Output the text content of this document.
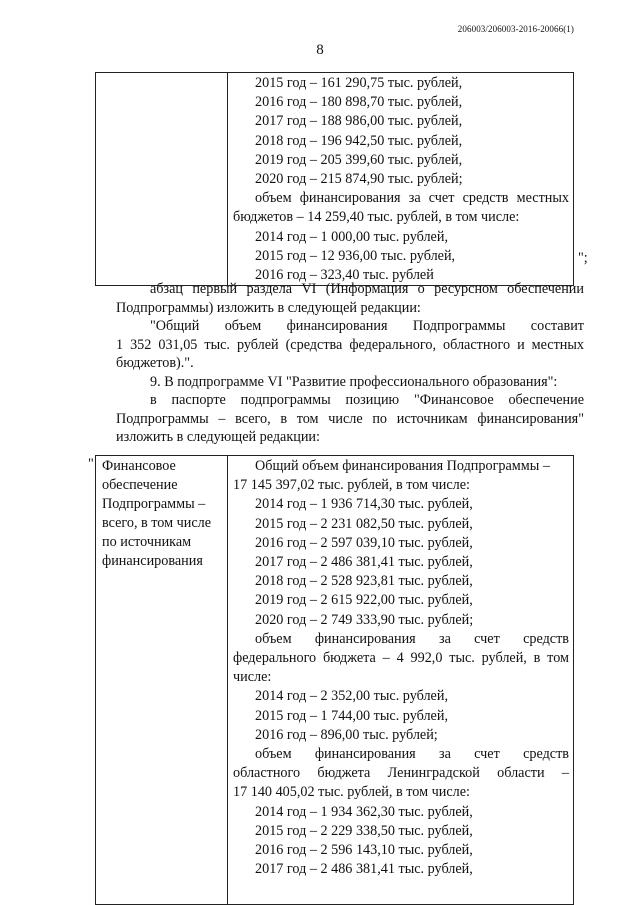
206003/206003-2016-20066(1)
8

2015 год – 161 290,75 тыс. рублей,
2016 год – 180 898,70 тыс. рублей,
2017 год – 188 986,00 тыс. рублей,
2018 год – 196 942,50 тыс. рублей,
2019 год – 205 399,60 тыс. рублей,
2020 год – 215 874,90 тыс. рублей;
объем финансирования за счет средств местных
бюджетов – 14 259,40 тыс. рублей, в том числе:
2014 год – 1 000,00 тыс. рублей,
2015 год – 12 936,00 тыс. рублей,
2016 год – 323,40 тыс. рублей
";
абзац первый раздела VI (Информация о ресурсном обеспечении
Подпрограммы) изложить в следующей редакции:
"Общий объем финансирования Подпрограммы составит
1 352 031,05 тыс. рублей (средства федерального, областного и местных
бюджетов).".
9. В подпрограмме VI "Развитие профессионального образования":
в паспорте подпрограммы позицию "Финансовое обеспечение
Подпрограммы – всего, в том числе по источникам финансирования"
изложить в следующей редакции:
" Финансовое
обеспечение
Подпрограммы –
всего, в том числе
по источникам
финансирования

Общий объем финансирования Подпрограммы –
17 145 397,02 тыс. рублей, в том числе:
2014 год – 1 936 714,30 тыс. рублей,
2015 год – 2 231 082,50 тыс. рублей,
2016 год – 2 597 039,10 тыс. рублей,
2017 год – 2 486 381,41 тыс. рублей,
2018 год – 2 528 923,81 тыс. рублей,
2019 год – 2 615 922,00 тыс. рублей,
2020 год – 2 749 333,90 тыс. рублей;
объем финансирования за счет средств
федерального бюджета – 4 992,0 тыс. рублей, в том
числе:
2014 год – 2 352,00 тыс. рублей,
2015 год – 1 744,00 тыс. рублей,
2016 год – 896,00 тыс. рублей;
объем финансирования за счет средств
областного бюджета Ленинградской области –
17 140 405,02 тыс. рублей, в том числе:
2014 год – 1 934 362,30 тыс. рублей,
2015 год – 2 229 338,50 тыс. рублей,
2016 год – 2 596 143,10 тыс. рублей,
2017 год – 2 486 381,41 тыс. рублей,
